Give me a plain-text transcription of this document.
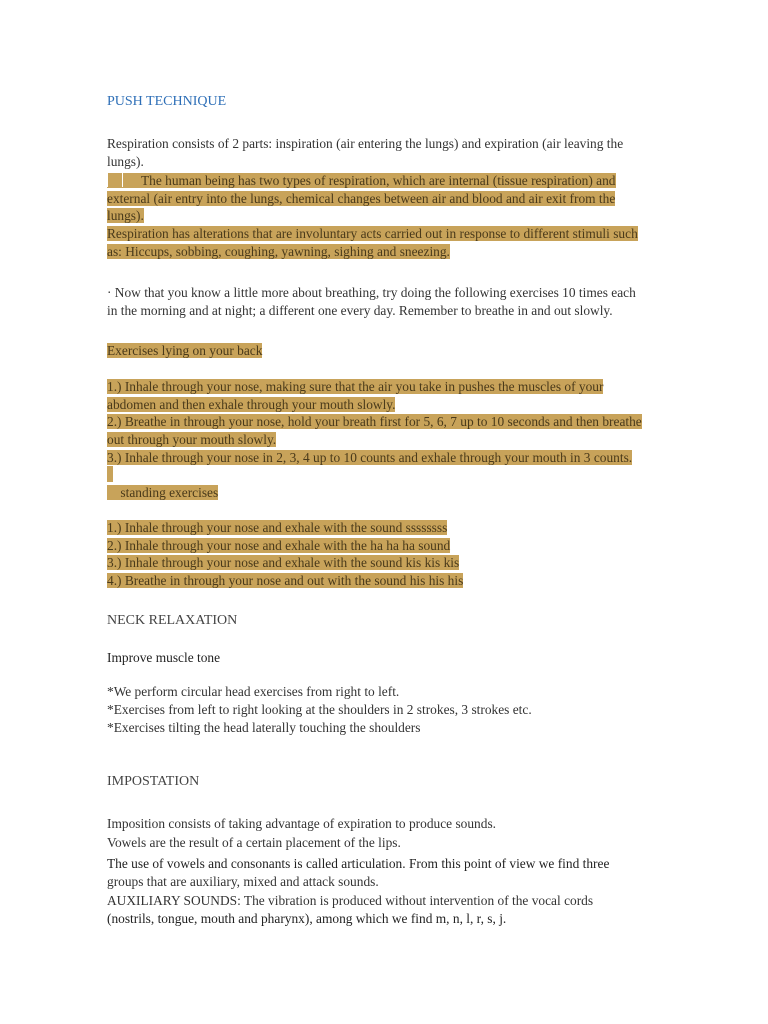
PUSH TECHNIQUE

Respiration consists of 2 parts: inspiration (air entering the lungs) and expiration (air leaving the

lungs).

The human being has two types of respiration, which are internal (tissue respiration) and

external (air entry into the lungs, chemical changes between air and blood and air exit from the

lungs).

Respiration has alterations that are involuntary acts carried out in response to different stimuli such

as: Hiccups, sobbing, coughing, yawning, sighing and sneezing.

· Now that you know a little more about breathing, try doing the following exercises 10 times each

in the morning and at night; a different one every day. Remember to breathe in and out slowly.

Exercises lying on your back

1.) Inhale through your nose, making sure that the air you take in pushes the muscles of your

abdomen and then exhale through your mouth slowly.

2.) Breathe in through your nose, hold your breath first for 5, 6, 7 up to 10 seconds and then breathe

out through your mouth slowly.

3.) Inhale through your nose in 2, 3, 4 up to 10 counts and exhale through your mouth in 3 counts.

standing exercises

1.) Inhale through your nose and exhale with the sound ssssssss

2.) Inhale through your nose and exhale with the ha ha ha sound

3.) Inhale through your nose and exhale with the sound kis kis kis

4.) Breathe in through your nose and out with the sound his his his

NECK RELAXATION

Improve muscle tone

*We perform circular head exercises from right to left.

*Exercises from left to right looking at the shoulders in 2 strokes, 3 strokes etc.

*Exercises tilting the head laterally touching the shoulders

IMPOSTATION

Imposition consists of taking advantage of expiration to produce sounds.

Vowels are the result of a certain placement of the lips.

The use of vowels and consonants is called articulation. From this point of view we find three

groups that are auxiliary, mixed and attack sounds.

AUXILIARY SOUNDS: The vibration is produced without intervention of the vocal cords

(nostrils, tongue, mouth and pharynx), among which we find m, n, l, r, s, j.
